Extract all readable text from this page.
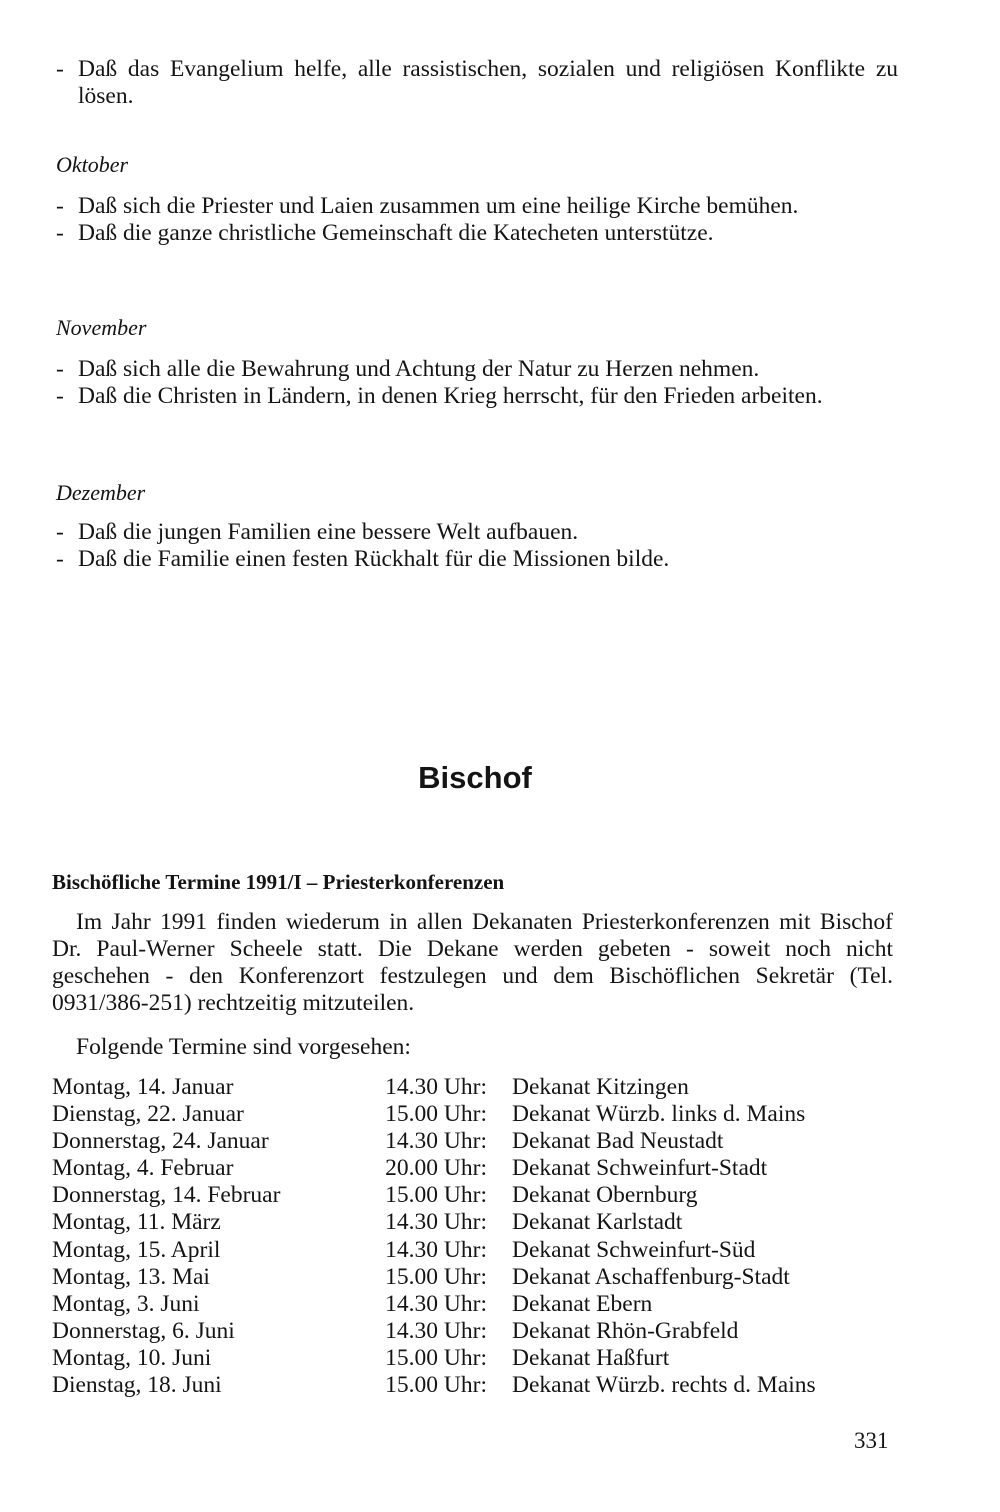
- Daß das Evangelium helfe, alle rassistischen, sozialen und religiösen Konflikte zu lösen.
Oktober
- Daß sich die Priester und Laien zusammen um eine heilige Kirche bemühen.
- Daß die ganze christliche Gemeinschaft die Katecheten unterstütze.
November
- Daß sich alle die Bewahrung und Achtung der Natur zu Herzen nehmen.
- Daß die Christen in Ländern, in denen Krieg herrscht, für den Frieden arbeiten.
Dezember
- Daß die jungen Familien eine bessere Welt aufbauen.
- Daß die Familie einen festen Rückhalt für die Missionen bilde.
Bischof
Bischöfliche Termine 1991/I – Priesterkonferenzen
Im Jahr 1991 finden wiederum in allen Dekanaten Priesterkonferenzen mit Bischof Dr. Paul-Werner Scheele statt. Die Dekane werden gebeten - soweit noch nicht geschehen - den Konferenzort festzulegen und dem Bischöflichen Sekretär (Tel. 0931/386-251) rechtzeitig mitzuteilen.
Folgende Termine sind vorgesehen:
Montag, 14. Januar	14.30 Uhr:	Dekanat Kitzingen
Dienstag, 22. Januar	15.00 Uhr:	Dekanat Würzb. links d. Mains
Donnerstag, 24. Januar	14.30 Uhr:	Dekanat Bad Neustadt
Montag, 4. Februar	20.00 Uhr:	Dekanat Schweinfurt-Stadt
Donnerstag, 14. Februar	15.00 Uhr:	Dekanat Obernburg
Montag, 11. März	14.30 Uhr:	Dekanat Karlstadt
Montag, 15. April	14.30 Uhr:	Dekanat Schweinfurt-Süd
Montag, 13. Mai	15.00 Uhr:	Dekanat Aschaffenburg-Stadt
Montag, 3. Juni	14.30 Uhr:	Dekanat Ebern
Donnerstag, 6. Juni	14.30 Uhr:	Dekanat Rhön-Grabfeld
Montag, 10. Juni	15.00 Uhr:	Dekanat Haßfurt
Dienstag, 18. Juni	15.00 Uhr:	Dekanat Würzb. rechts d. Mains
331
